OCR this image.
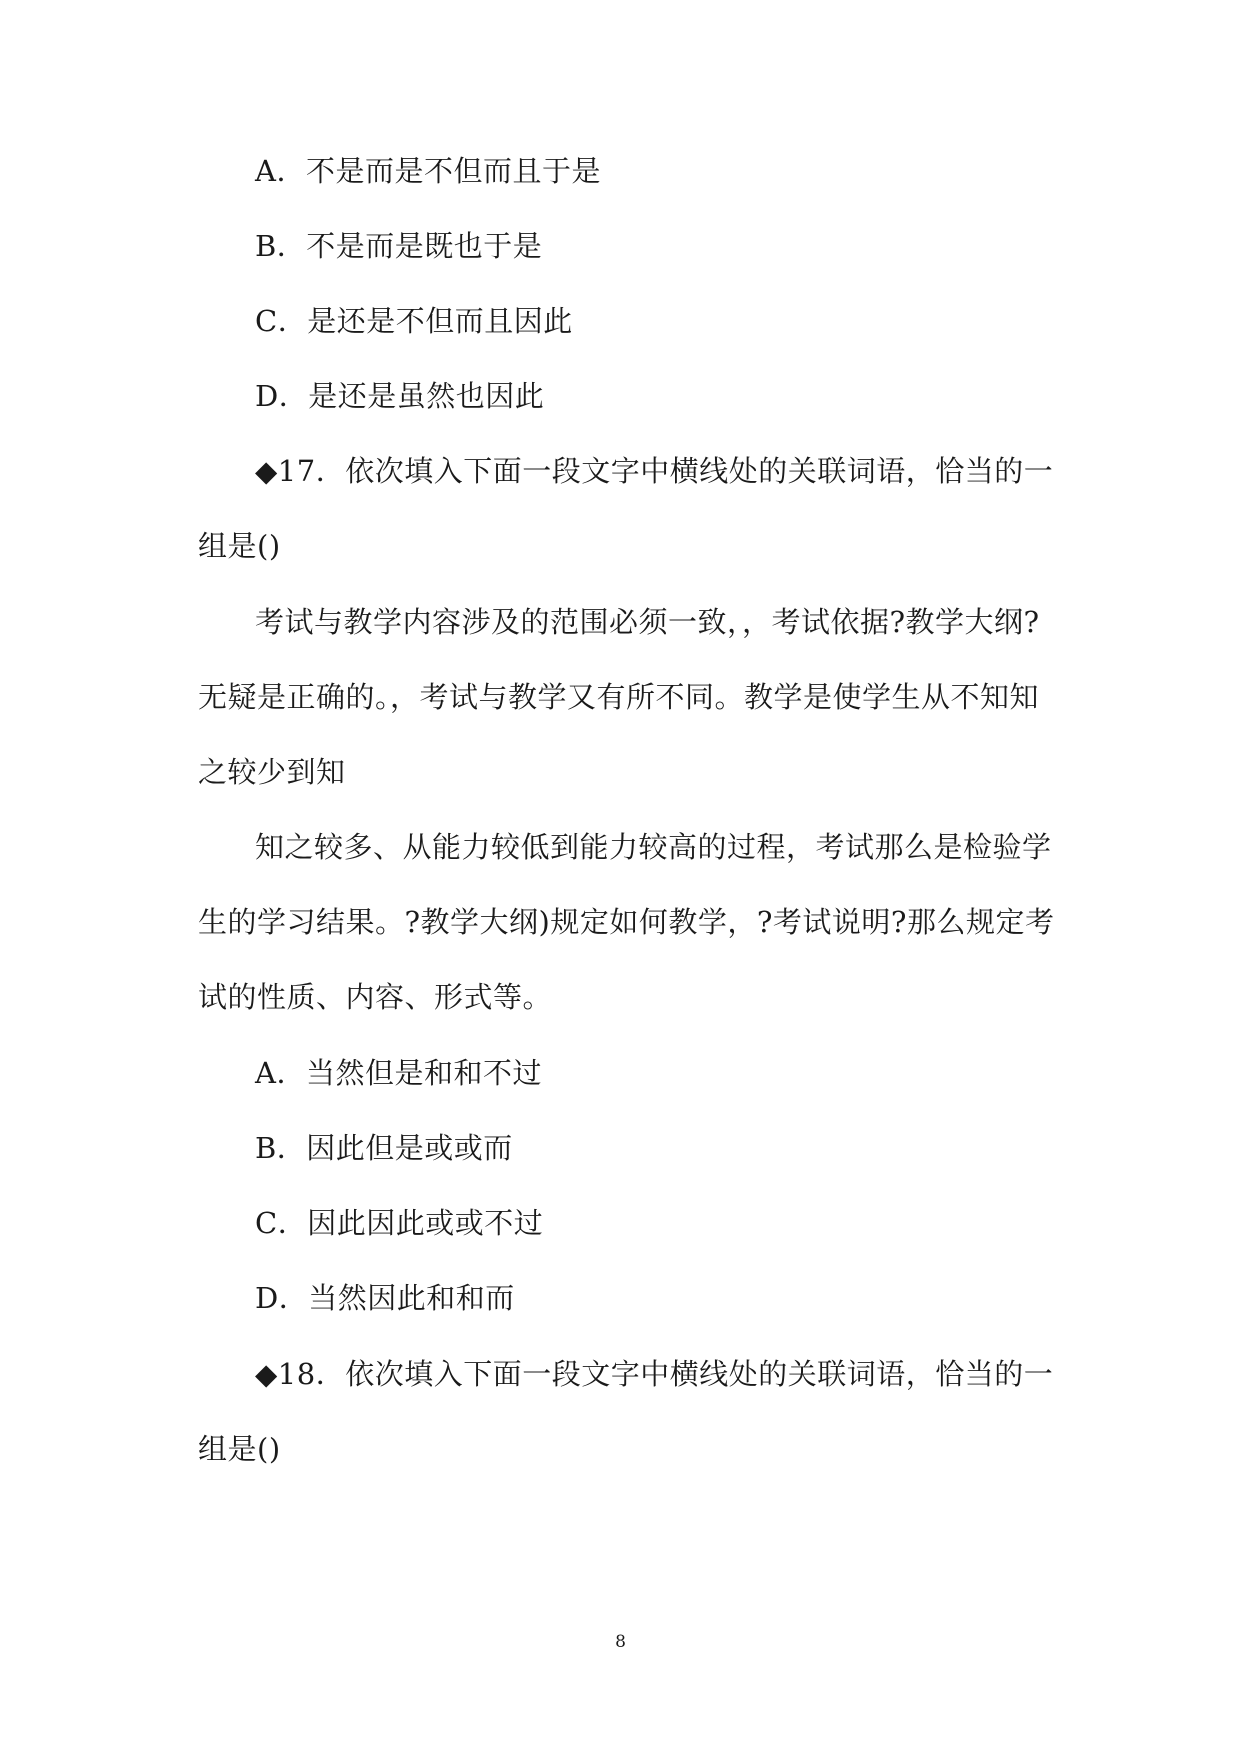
A．不是而是不但而且于是
B．不是而是既也于是
C．是还是不但而且因此
D．是还是虽然也因此
◆17．依次填入下面一段文字中横线处的关联词语，恰当的一
组是()
考试与教学内容涉及的范围必须一致，，考试依据?教学大纲?
无疑是正确的。，考试与教学又有所不同。教学是使学生从不知知
之较少到知
知之较多、从能力较低到能力较高的过程，考试那么是检验学
生的学习结果。?教学大纲)规定如何教学，?考试说明?那么规定考
试的性质、内容、形式等。
A．当然但是和和不过
B．因此但是或或而
C．因此因此或或不过
D．当然因此和和而
◆18．依次填入下面一段文字中横线处的关联词语，恰当的一
组是()
8
